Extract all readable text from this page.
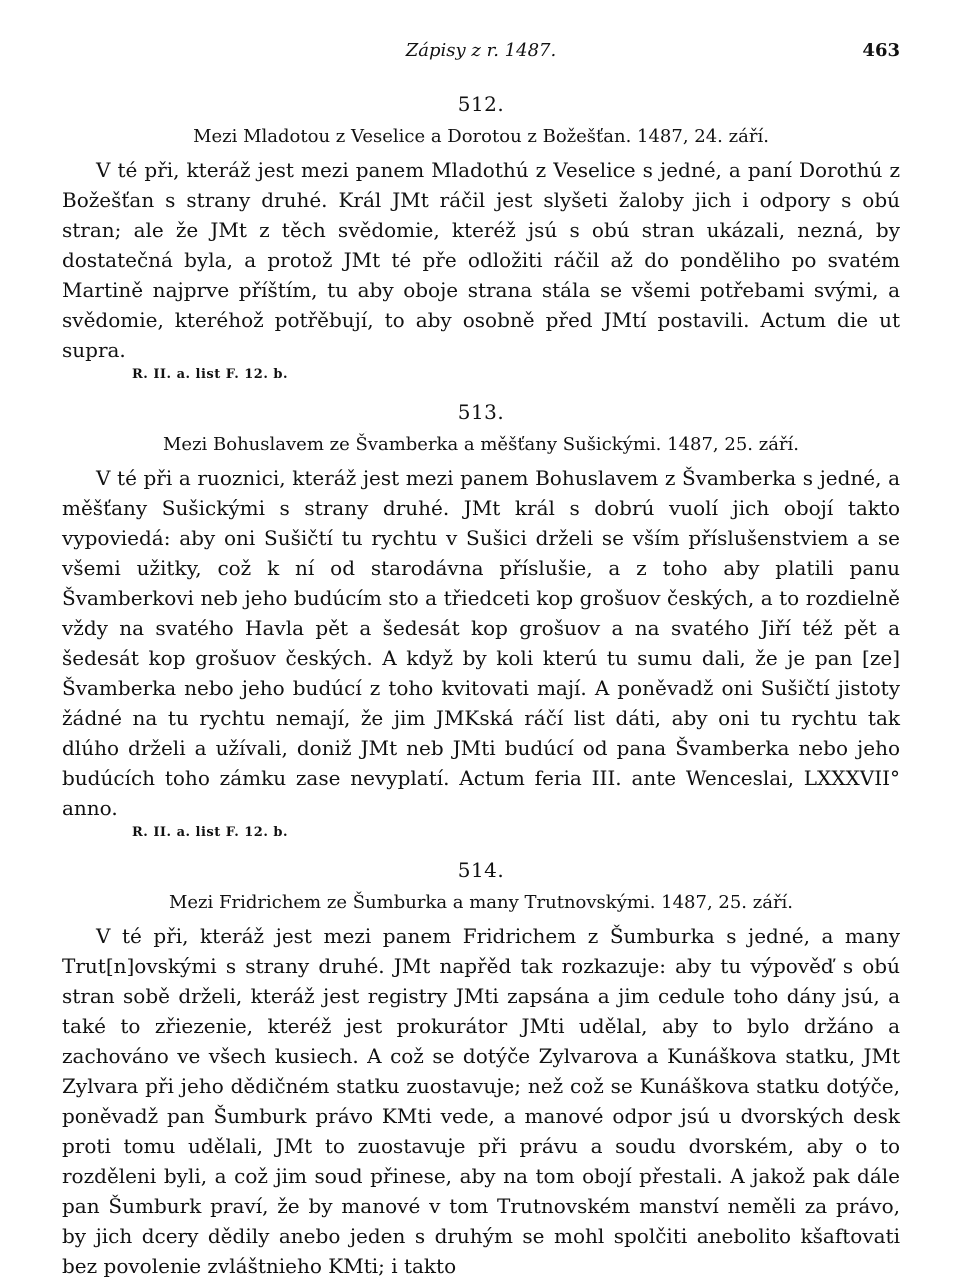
Zápisy z r. 1487.	463
512.
Mezi Mladotou z Veselice a Dorotou z Božešťan. 1487, 24. září.

V té při, kteráž jest mezi panem Mladothú z Veselice s jedné, a paní Dorothú z Božešťan s strany druhé. Král JMt ráčil jest slyšeti žaloby jich i odpory s obú stran; ale že JMt z těch svědomie, kteréž jsú s obú stran ukázali, nezná, by dostatečná byla, a protož JMt té pře odložiti ráčil až do ponděliho po svatém Martině najprve příštím, tu aby oboje strana stála se všemi potřebami svými, a svědomie, kteréhož potřěbují, to aby osobně před JMtí postavili. Actum die ut supra.

R. II. a. list F. 12. b.
513.
Mezi Bohuslavem ze Švamberka a měšťany Sušickými. 1487, 25. září.

V té při a ruoznici, kteráž jest mezi panem Bohuslavem z Švamberka s jedné, a měšťany Sušickými s strany druhé. JMt král s dobrú vuolí jich obojí takto vypoviedá: aby oni Sušičtí tu rychtu v Sušici drželi se vším příslušenstviem a se všemi užitky, což k ní od starodávna příslušie, a z toho aby platili panu Švamberkovi neb jeho budúcím sto a třiedceti kop grošuov českých, a to rozdielně vždy na svatého Havla pět a šedesát kop grošuov a na svatého Jiří též pět a šedesát kop grošuov českých. A když by koli kterú tu sumu dali, že je pan [ze] Švamberka nebo jeho budúcí z toho kvitovati mají. A poněvadž oni Sušičtí jistoty žádné na tu rychtu nemají, že jim JMKská ráčí list dáti, aby oni tu rychtu tak dlúho drželi a užívali, doniž JMt neb JMti budúcí od pana Švamberka nebo jeho budúcích toho zámku zase nevyplatí. Actum feria III. ante Wenceslai, LXXXVII° anno.

R. II. a. list F. 12. b.
514.
Mezi Fridrichem ze Šumburka a many Trutnovskými. 1487, 25. září.

V té při, kteráž jest mezi panem Fridrichem z Šumburka s jedné, a many Trut[n]ovskými s strany druhé. JMt napřěd tak rozkazuje: aby tu výpověď s obú stran sobě drželi, kteráž jest registry JMti zapsána a jim cedule toho dány jsú, a také to zřiezenie, kteréž jest prokurátor JMti udělal, aby to bylo držáno a zachováno ve všech kusiech. A což se dotýče Zylvarova a Kunáškova statku, JMt Zylvara při jeho dědičném statku zuostavuje; než což se Kunáškova statku dotýče, poněvadž pan Šumburk právo KMti vede, a manové odpor jsú u dvorských desk proti tomu udělali, JMt to zuostavuje při právu a soudu dvorském, aby o to rozděleni byli, a což jim soud přinese, aby na tom obojí přestali. A jakož pak dále pan Šumburk praví, že by manové v tom Trutnovském manství neměli za právo, by jich dcery dědily anebo jeden s druhým se mohl spolčiti anebolito kšaftovati bez povolenie zvláštnieho KMti; i takto
